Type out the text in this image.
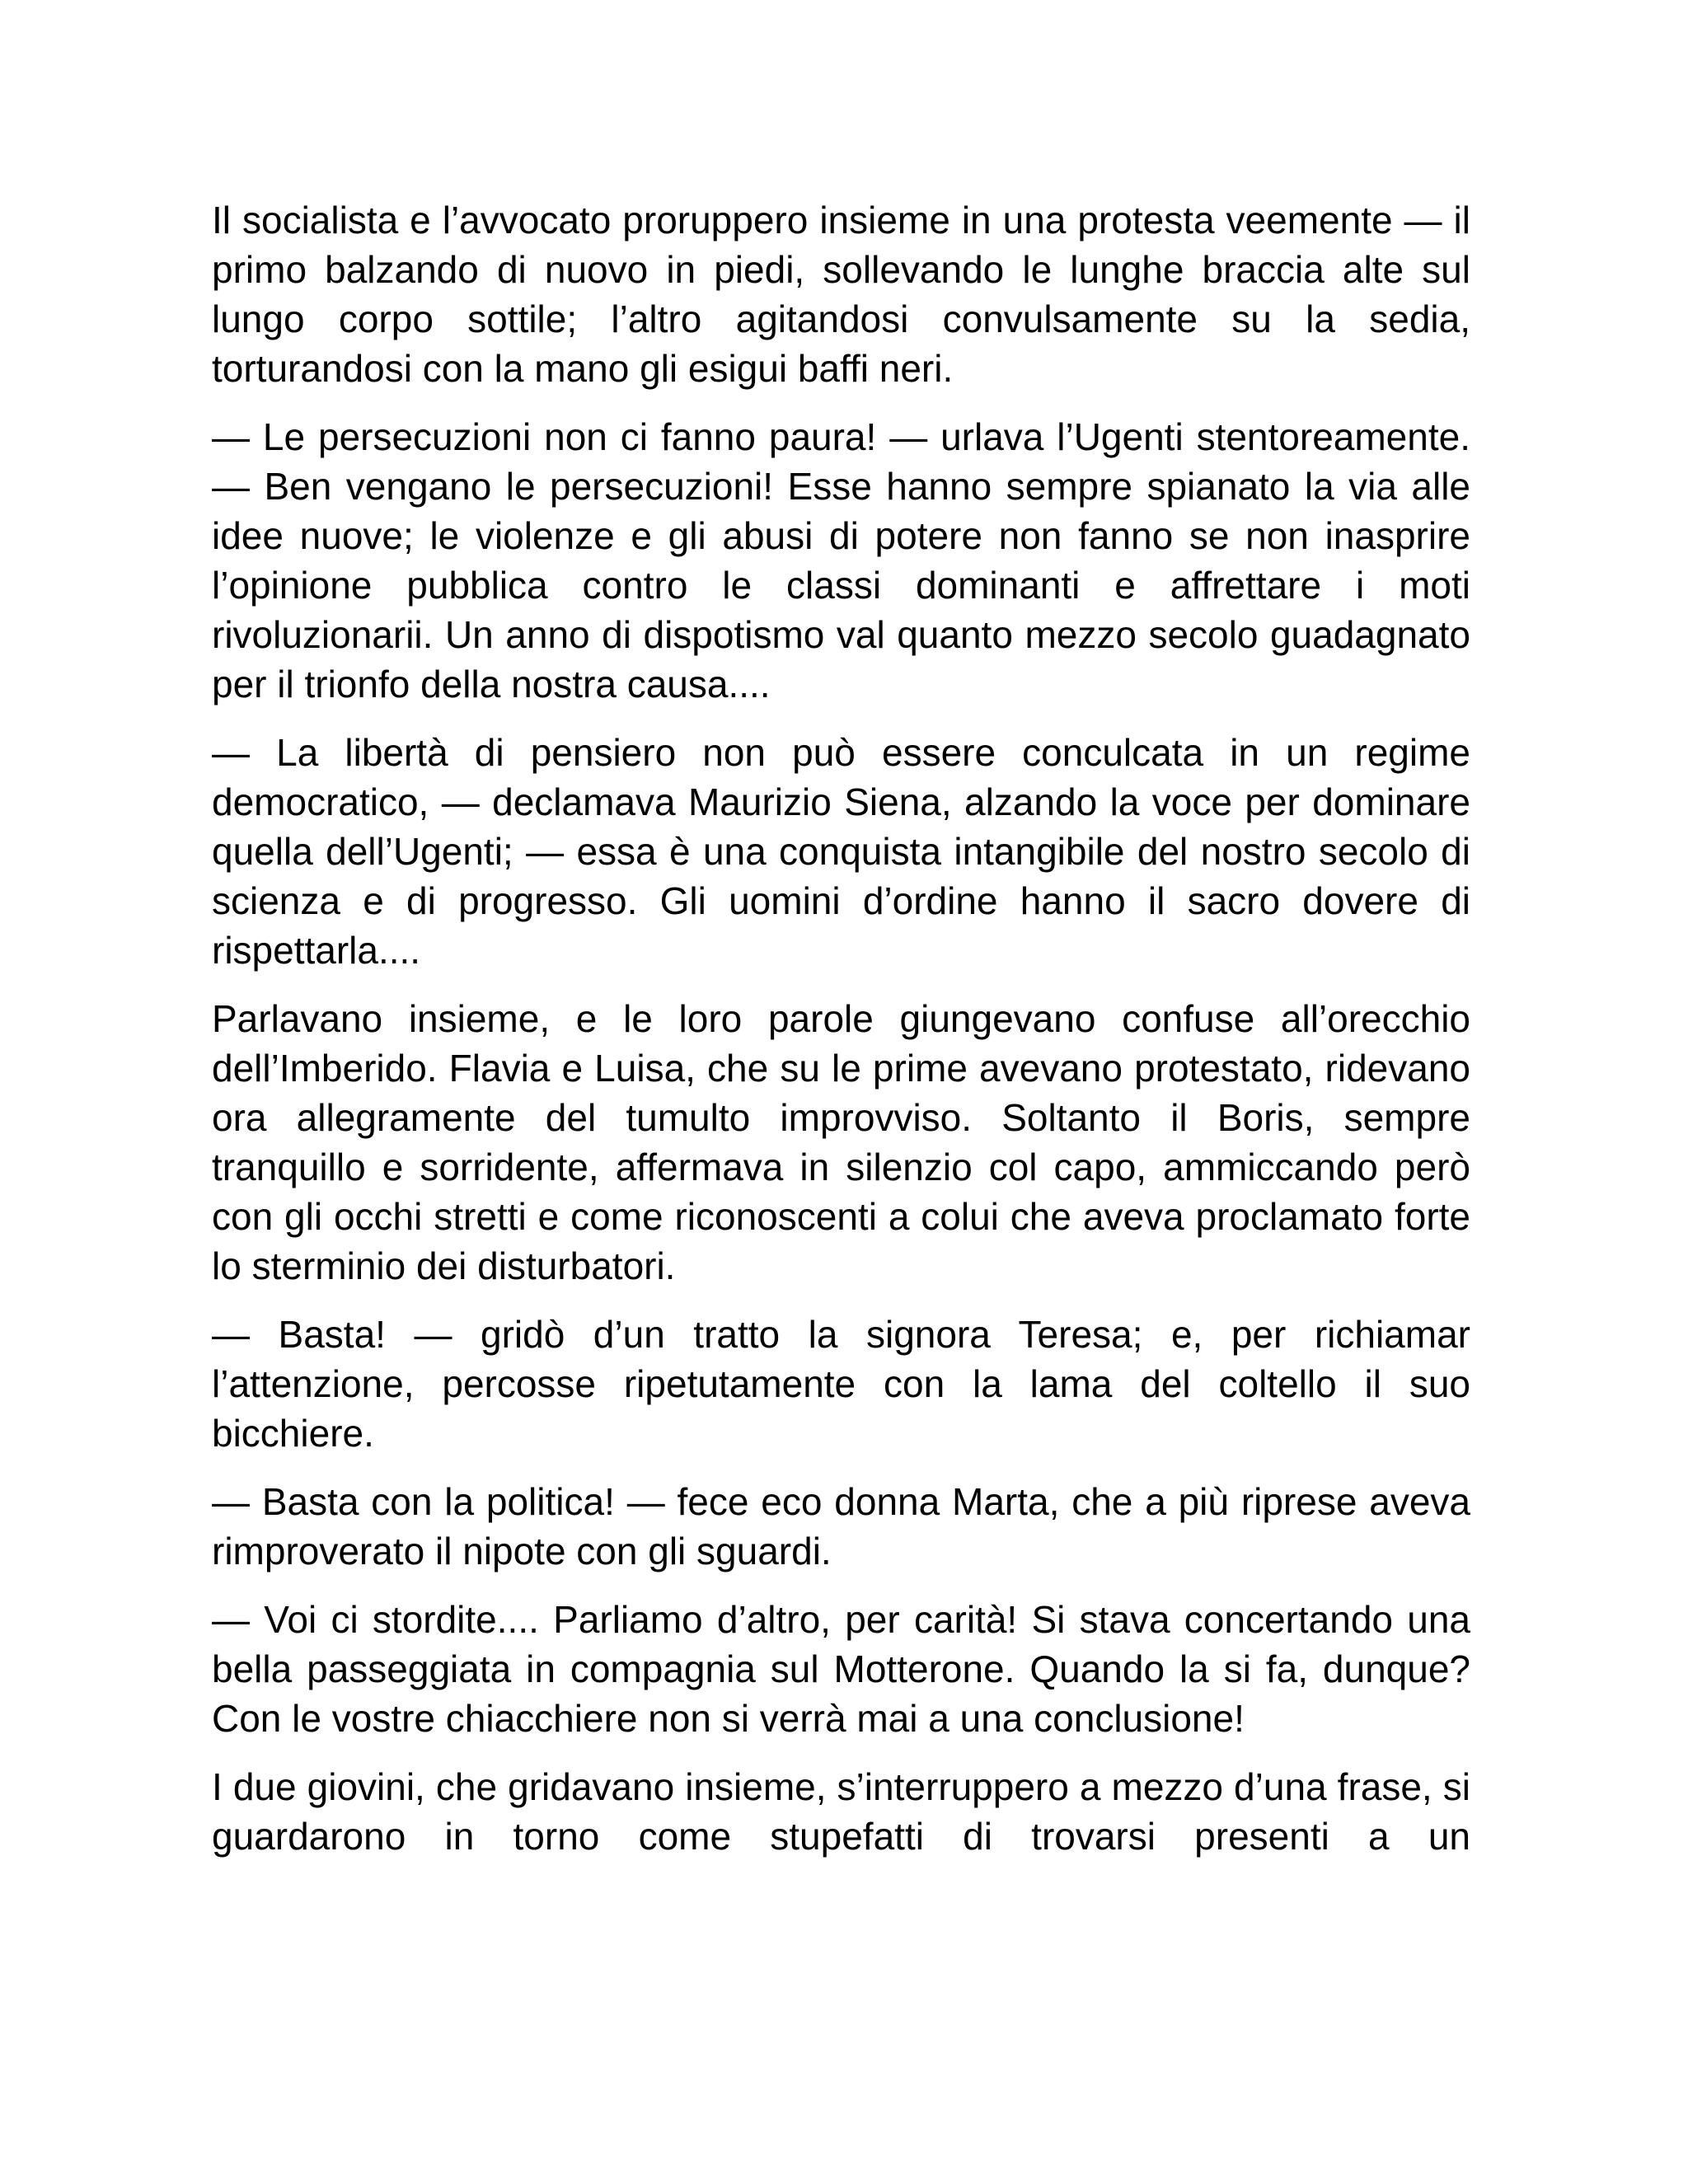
Il socialista e l’avvocato proruppero insieme in una protesta veemente — il primo balzando di nuovo in piedi, sollevando le lunghe braccia alte sul lungo corpo sottile; l’altro agitandosi convulsamente su la sedia, torturandosi con la mano gli esigui baffi neri.

— Le persecuzioni non ci fanno paura! — urlava l’Ugenti stentoreamente. — Ben vengano le persecuzioni! Esse hanno sempre spianato la via alle idee nuove; le violenze e gli abusi di potere non fanno se non inasprire l’opinione pubblica contro le classi dominanti e affrettare i moti rivoluzionarii. Un anno di dispotismo val quanto mezzo secolo guadagnato per il trionfo della nostra causa....

— La libertà di pensiero non può essere conculcata in un regime democratico, — declamava Maurizio Siena, alzando la voce per dominare quella dell’Ugenti; — essa è una conquista intangibile del nostro secolo di scienza e di progresso. Gli uomini d’ordine hanno il sacro dovere di rispettarla....

Parlavano insieme, e le loro parole giungevano confuse all’orecchio dell’Imberido. Flavia e Luisa, che su le prime avevano protestato, ridevano ora allegramente del tumulto improvviso. Soltanto il Boris, sempre tranquillo e sorridente, affermava in silenzio col capo, ammiccando però con gli occhi stretti e come riconoscenti a colui che aveva proclamato forte lo sterminio dei disturbatori.

— Basta! — gridò d’un tratto la signora Teresa; e, per richiamar l’attenzione, percosse ripetutamente con la lama del coltello il suo bicchiere.

— Basta con la politica! — fece eco donna Marta, che a più riprese aveva rimproverato il nipote con gli sguardi.

— Voi ci stordite.... Parliamo d’altro, per carità! Si stava concertando una bella passeggiata in compagnia sul Motterone. Quando la si fa, dunque? Con le vostre chiacchiere non si verrà mai a una conclusione!

I due giovini, che gridavano insieme, s’interruppero a mezzo d’una frase, si guardarono in torno come stupefatti di trovarsi presenti a un
